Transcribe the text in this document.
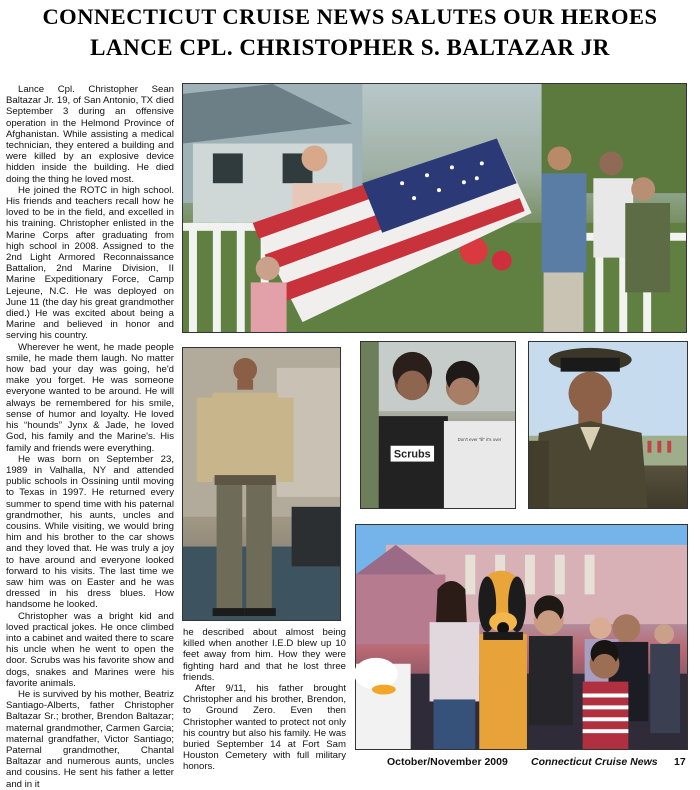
CONNECTICUT CRUISE NEWS SALUTES OUR HEROES
LANCE CPL. CHRISTOPHER S. BALTAZAR JR

Lance Cpl. Christopher Sean Baltazar Jr. 19, of San Antonio, TX died September 3 during an offensive operation in the Helmond Province of Afghanistan. While assisting a medical technician, they entered a building and were killed by an explosive device hidden inside the building. He died doing the thing he loved most.

He joined the ROTC in high school. His friends and teachers recall how he loved to be in the field, and excelled in his training. Christopher enlisted in the Marine Corps after graduating from high school in 2008. Assigned to the 2nd Light Armored Reconnaissance Battalion, 2nd Marine Division, II Marine Expeditionary Force, Camp Lejeune, N.C. He was deployed on June 11 (the day his great grandmother died.) He was excited about being a Marine and believed in honor and serving his country.

Wherever he went, he made people smile, he made them laugh. No matter how bad your day was going, he'd make you forget. He was someone everyone wanted to be around. He will always be remembered for his smile, sense of humor and loyalty. He loved his “hounds” Jynx & Jade, he loved God, his family and the Marine's. His family and friends were everything.

He was born on September 23, 1989 in Valhalla, NY and attended public schools in Ossining until moving to Texas in 1997. He returned every summer to spend time with his paternal grandmother, his aunts, uncles and cousins. While visiting, we would bring him and his brother to the car shows and they loved that. He was truly a joy to have around and everyone looked forward to his visits. The last time we saw him was on Easter and he was dressed in his dress blues. How handsome he looked.

Christopher was a bright kid and loved practical jokes. He once climbed into a cabinet and waited there to scare his uncle when he went to open the door. Scrubs was his favorite show and dogs, snakes and Marines were his favorite animals.

He is survived by his mother, Beatriz Santiago-Alberts, father Christopher Baltazar Sr.; brother, Brendon Baltazar; maternal grandmother, Carmen Garcia; maternal grandfather, Victor Santiago; Paternal grandmother, Chantal Baltazar and numerous aunts, uncles and cousins. He sent his father a letter and in it

he described about almost being killed when another I.E.D blew up 10 feet away from him. How they were fighting hard and that he lost three friends.

After 9/11, his father brought Christopher and his brother, Brendon, to Ground Zero. Even then Christopher wanted to protect not only his country but also his family. He was buried September 14 at Fort Sam Houston Cemetery with full military honors.

Scrubs
Don't ever "lil" it's over
October/November 2009 Connecticut Cruise News 17
